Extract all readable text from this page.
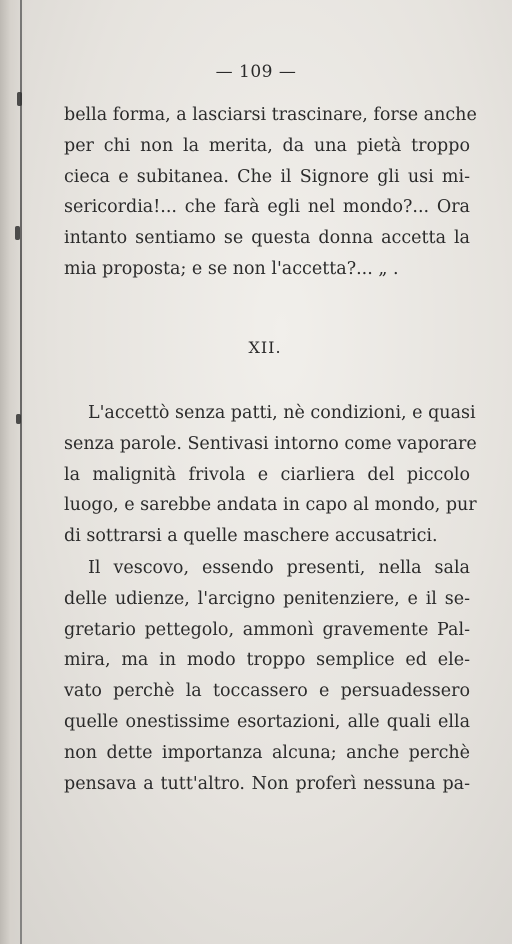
— 109 —
bella forma, a lasciarsi trascinare, forse anche
per chi non la merita, da una pietà troppo
cieca e subitanea. Che il Signore gli usi mi-
sericordia!... che farà egli nel mondo?... Ora
intanto sentiamo se questa donna accetta la
mia proposta; e se non l'accetta?... „ .
XII.
L'accettò senza patti, nè condizioni, e quasi
senza parole. Sentivasi intorno come vaporare
la malignità frivola e ciarliera del piccolo
luogo, e sarebbe andata in capo al mondo, pur
di sottrarsi a quelle maschere accusatrici.
Il vescovo, essendo presenti, nella sala
delle udienze, l'arcigno penitenziere, e il se-
gretario pettegolo, ammonì gravemente Pal-
mira, ma in modo troppo semplice ed ele-
vato perchè la toccassero e persuadessero
quelle onestissime esortazioni, alle quali ella
non dette importanza alcuna; anche perchè
pensava a tutt'altro. Non proferì nessuna pa-
